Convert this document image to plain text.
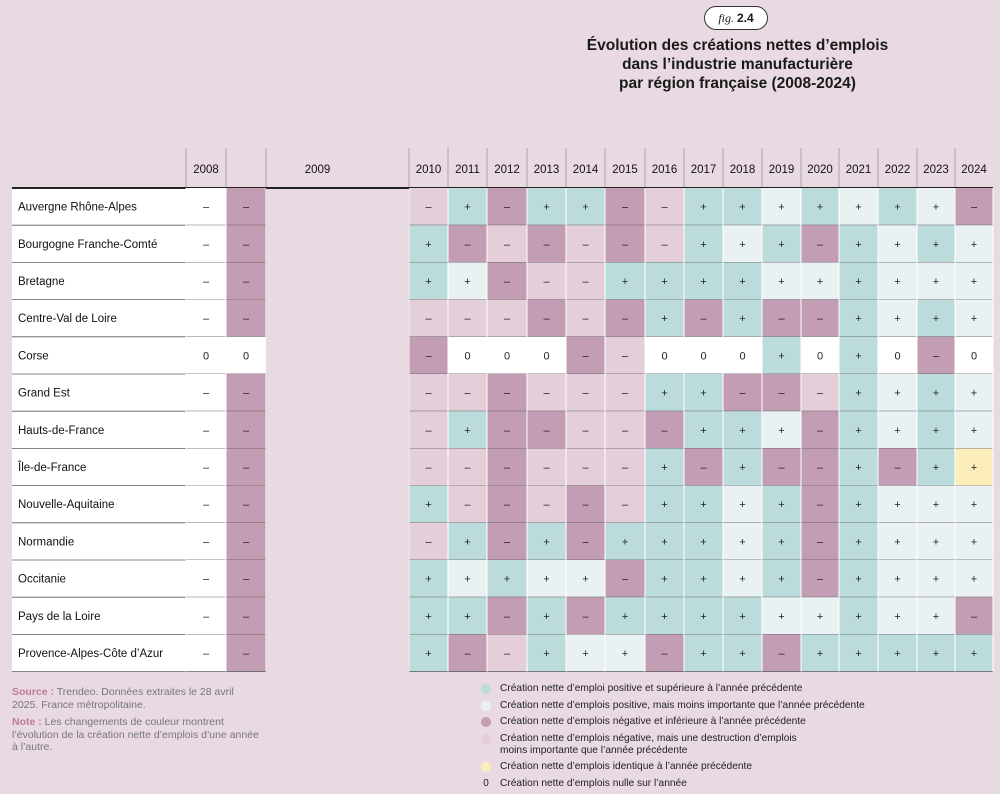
fig. 2.4
Évolution des créations nettes d’emplois
dans l’industrie manufacturière
par région française (2008-2024)
2008	2009	2010 2011 2012 2013 2014 2015 2016 2017 2018 2019 2020 2021 2022 2023 2024
Auvergne Rhône-Alpes	–	–	–	+	–	+	+	–	–	+	+	+	+	+	+	+	–
Bourgogne Franche-Comté	–	–	+	–	–	–	–	–	–	+	+	+	–	+	+	+	+
Bretagne	–	–	+	+	–	–	–	+	+	+	+	+	+	+	+	+	+
Centre-Val de Loire	–	–	–	–	–	–	–	–	+	–	+	–	–	+	+	+	+
Corse	0	0	–	0	0	0	–	–	0	0	0	+	0	+	0	–	0
Grand Est	–	–	–	–	–	–	–	–	+	+	–	–	–	+	+	+	+
Hauts-de-France	–	–	–	+	–	–	–	–	–	+	+	+	–	+	+	+	+
Île-de-France	–	–	–	–	–	–	–	–	+	–	+	–	–	+	–	+	+
Nouvelle-Aquitaine	–	–	+	–	–	–	–	–	+	+	+	+	–	+	+	+	+
Normandie	–	–	–	+	–	+	–	+	+	+	+	+	–	+	+	+	+
Occitanie	–	–	+	+	+	+	+	–	+	+	+	+	–	+	+	+	+
Pays de la Loire	–	–	+	+	–	+	–	+	+	+	+	+	+	+	+	+	–
Provence-Alpes-Côte d’Azur	–	–	+	–	–	+	+	+	–	+	+	–	+	+	+	+	+

Source : Trendeo. Données extraites le 28 avril 2025. France métropolitaine.

Note : Les changements de couleur montrent l’évolution de la création nette d’emplois d’une année à l’autre.

Création nette d’emploi positive et supérieure à l’année précédente
Création nette d’emplois positive, mais moins importante que l’année précédente
Création nette d’emplois négative et inférieure à l’année précédente
Création nette d’emplois négative, mais une destruction d’emplois
moins importante que l’année précédente
Création nette d’emplois identique à l’année précédente
0 Création nette d’emplois nulle sur l’année
